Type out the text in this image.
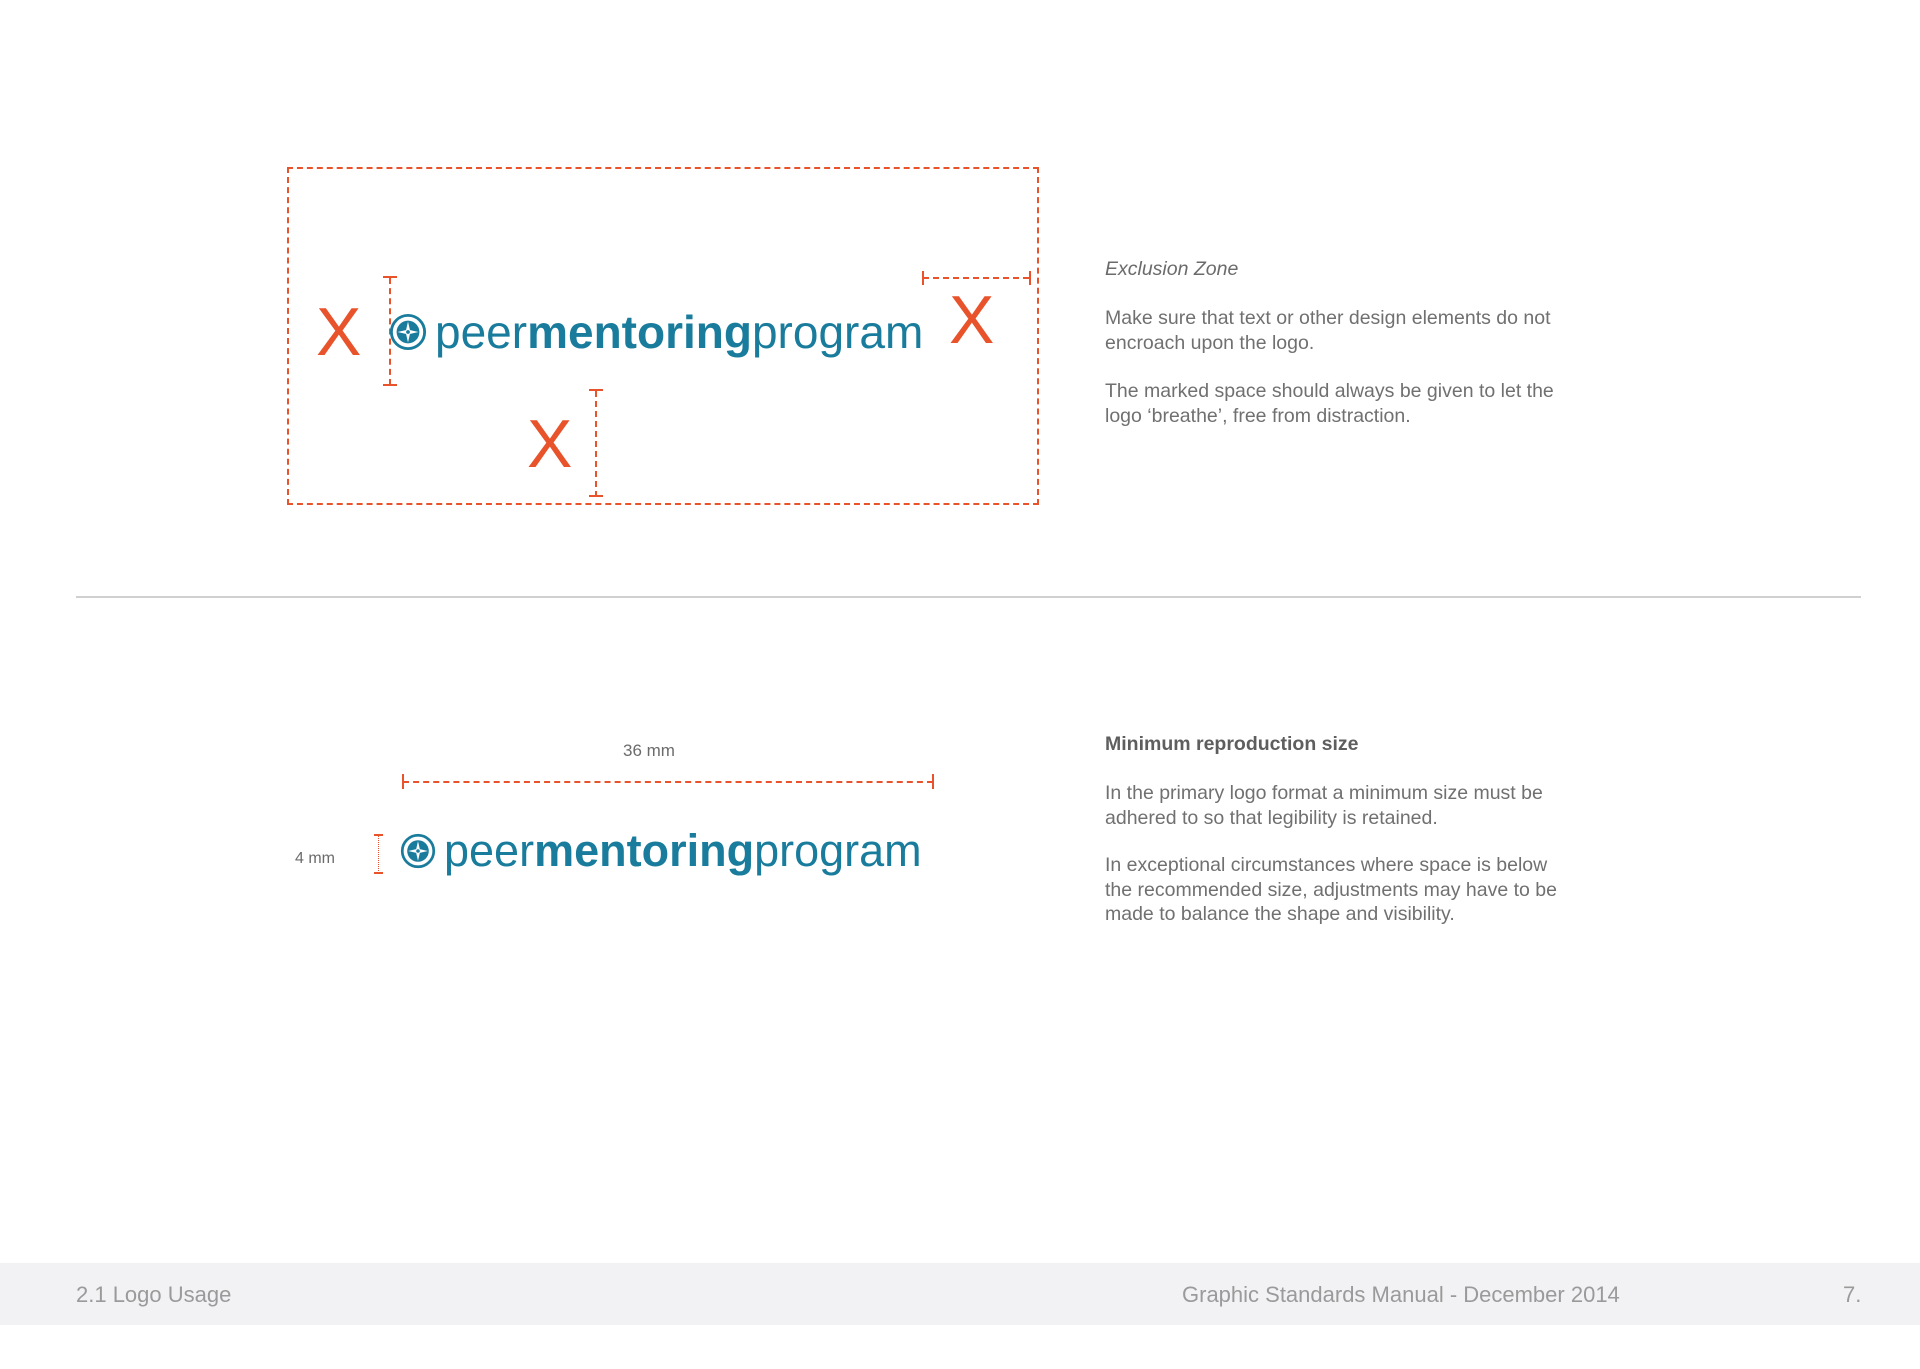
X peer mentoring program X
X
Exclusion Zone

Make sure that text or other design elements do not encroach upon the logo.

The marked space should always be given to let the logo ‘breathe’, free from distraction.

36 mm
4 mm peer mentoring program
Minimum reproduction size

In the primary logo format a minimum size must be adhered to so that legibility is retained.

In exceptional circumstances where space is below the recommended size, adjustments may have to be made to balance the shape and visibility.

2.1 Logo Usage	Graphic Standards Manual - December 2014	7.
